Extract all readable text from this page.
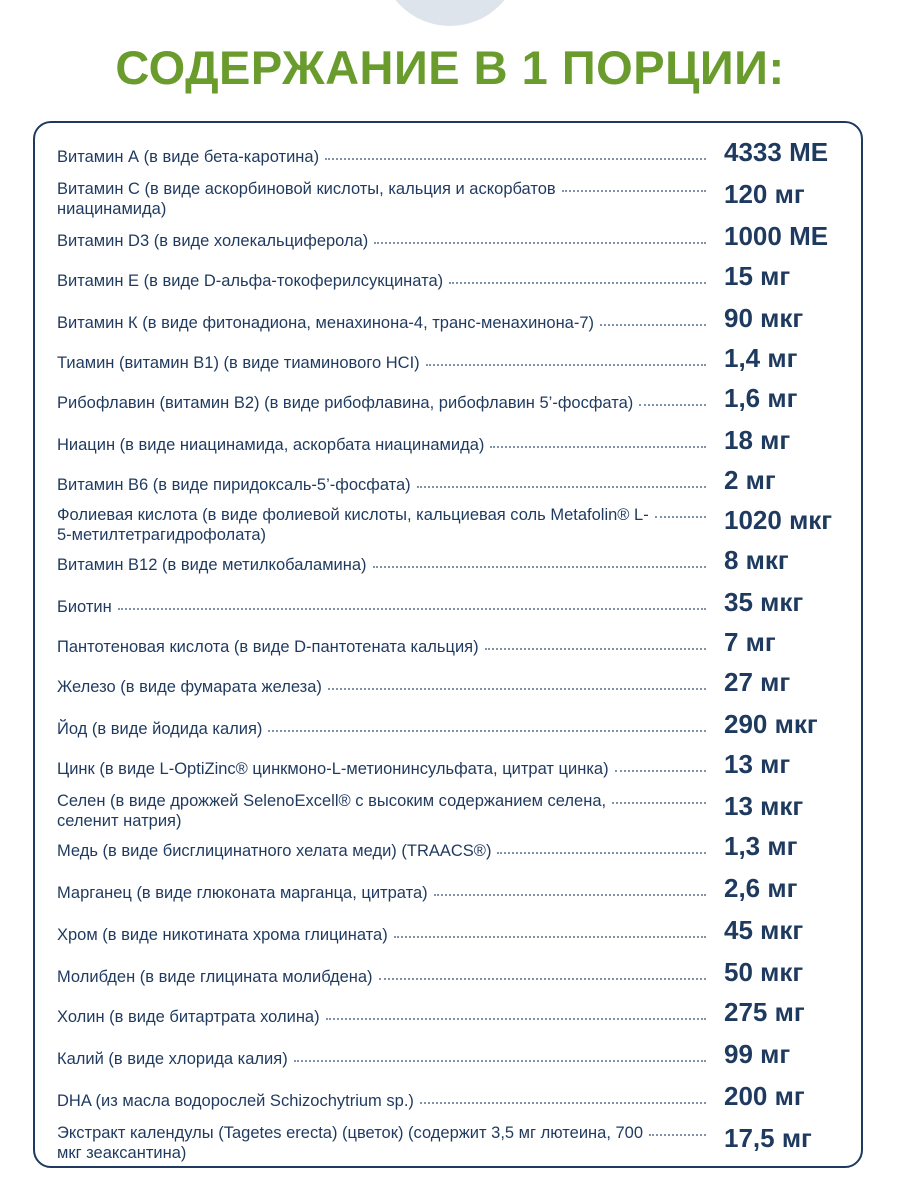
СОДЕРЖАНИЕ В 1 ПОРЦИИ:
Витамин А (в виде бета-каротина)	4333 МЕ
Витамин С (в виде аскорбиновой кислоты, кальция и аскорбатов ниацинамида)	120 мг
Витамин D3 (в виде холекальциферола)	1000 МЕ
Витамин Е (в виде D-альфа-токоферилсукцината)	15 мг
Витамин К (в виде фитонадиона, менахинона-4, транс-менахинона-7)	90 мкг
Тиамин (витамин В1) (в виде тиаминового HCI)	1,4 мг
Рибофлавин (витамин В2) (в виде рибофлавина, рибофлавин 5’-фосфата)	1,6 мг
Ниацин (в виде ниацинамида, аскорбата ниацинамида)	18 мг
Витамин В6 (в виде пиридоксаль-5’-фосфата)	2 мг
Фолиевая кислота (в виде фолиевой кислоты, кальциевая соль Metafolin® L-5-метилтетрагидрофолата)	1020 мкг
Витамин В12 (в виде метилкобаламина)	8 мкг
Биотин	35 мкг
Пантотеновая кислота (в виде D-пантотената кальция)	7 мг
Железо (в виде фумарата железа)	27 мг
Йод (в виде йодида калия)	290 мкг
Цинк (в виде L-OptiZinc® цинкмоно-L-метионинсульфата, цитрат цинка)	13 мг
Селен (в виде дрожжей SelenoExcell® с высоким содержанием селена, селенит натрия)	13 мкг
Медь (в виде бисглицинатного хелата меди) (TRAACS®)	1,3 мг
Марганец (в виде глюконата марганца, цитрата)	2,6 мг
Хром (в виде никотината хрома глицината)	45 мкг
Молибден (в виде глицината молибдена)	50 мкг
Холин (в виде битартрата холина)	275 мг
Калий (в виде хлорида калия)	99 мг
DHA (из масла водорослей Schizochytrium sp.)	200 мг
Экстракт календулы (Tagetes erecta) (цветок) (содержит 3,5 мг лютеина, 700 мкг зеаксантина)	17,5 мг
